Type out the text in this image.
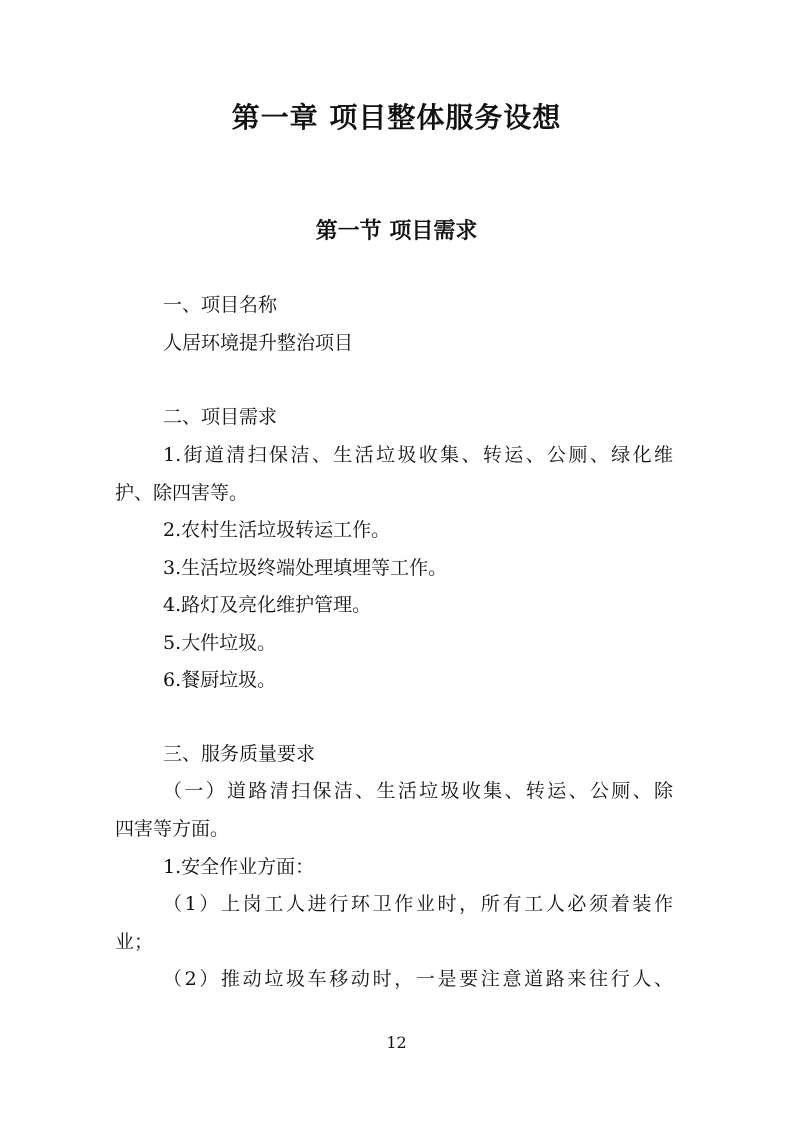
第一章 项目整体服务设想
第一节 项目需求
一、项目名称
人居环境提升整治项目
二、项目需求
1.街道清扫保洁、生活垃圾收集、转运、公厕、绿化维
护、除四害等。
2.农村生活垃圾转运工作。
3.生活垃圾终端处理填埋等工作。
4.路灯及亮化维护管理。
5.大件垃圾。
6.餐厨垃圾。
三、服务质量要求
（一）道路清扫保洁、生活垃圾收集、转运、公厕、除
四害等方面。
1.安全作业方面：
（1）上岗工人进行环卫作业时，所有工人必须着装作
业；
（2）推动垃圾车移动时，一是要注意道路来往行人、
12
